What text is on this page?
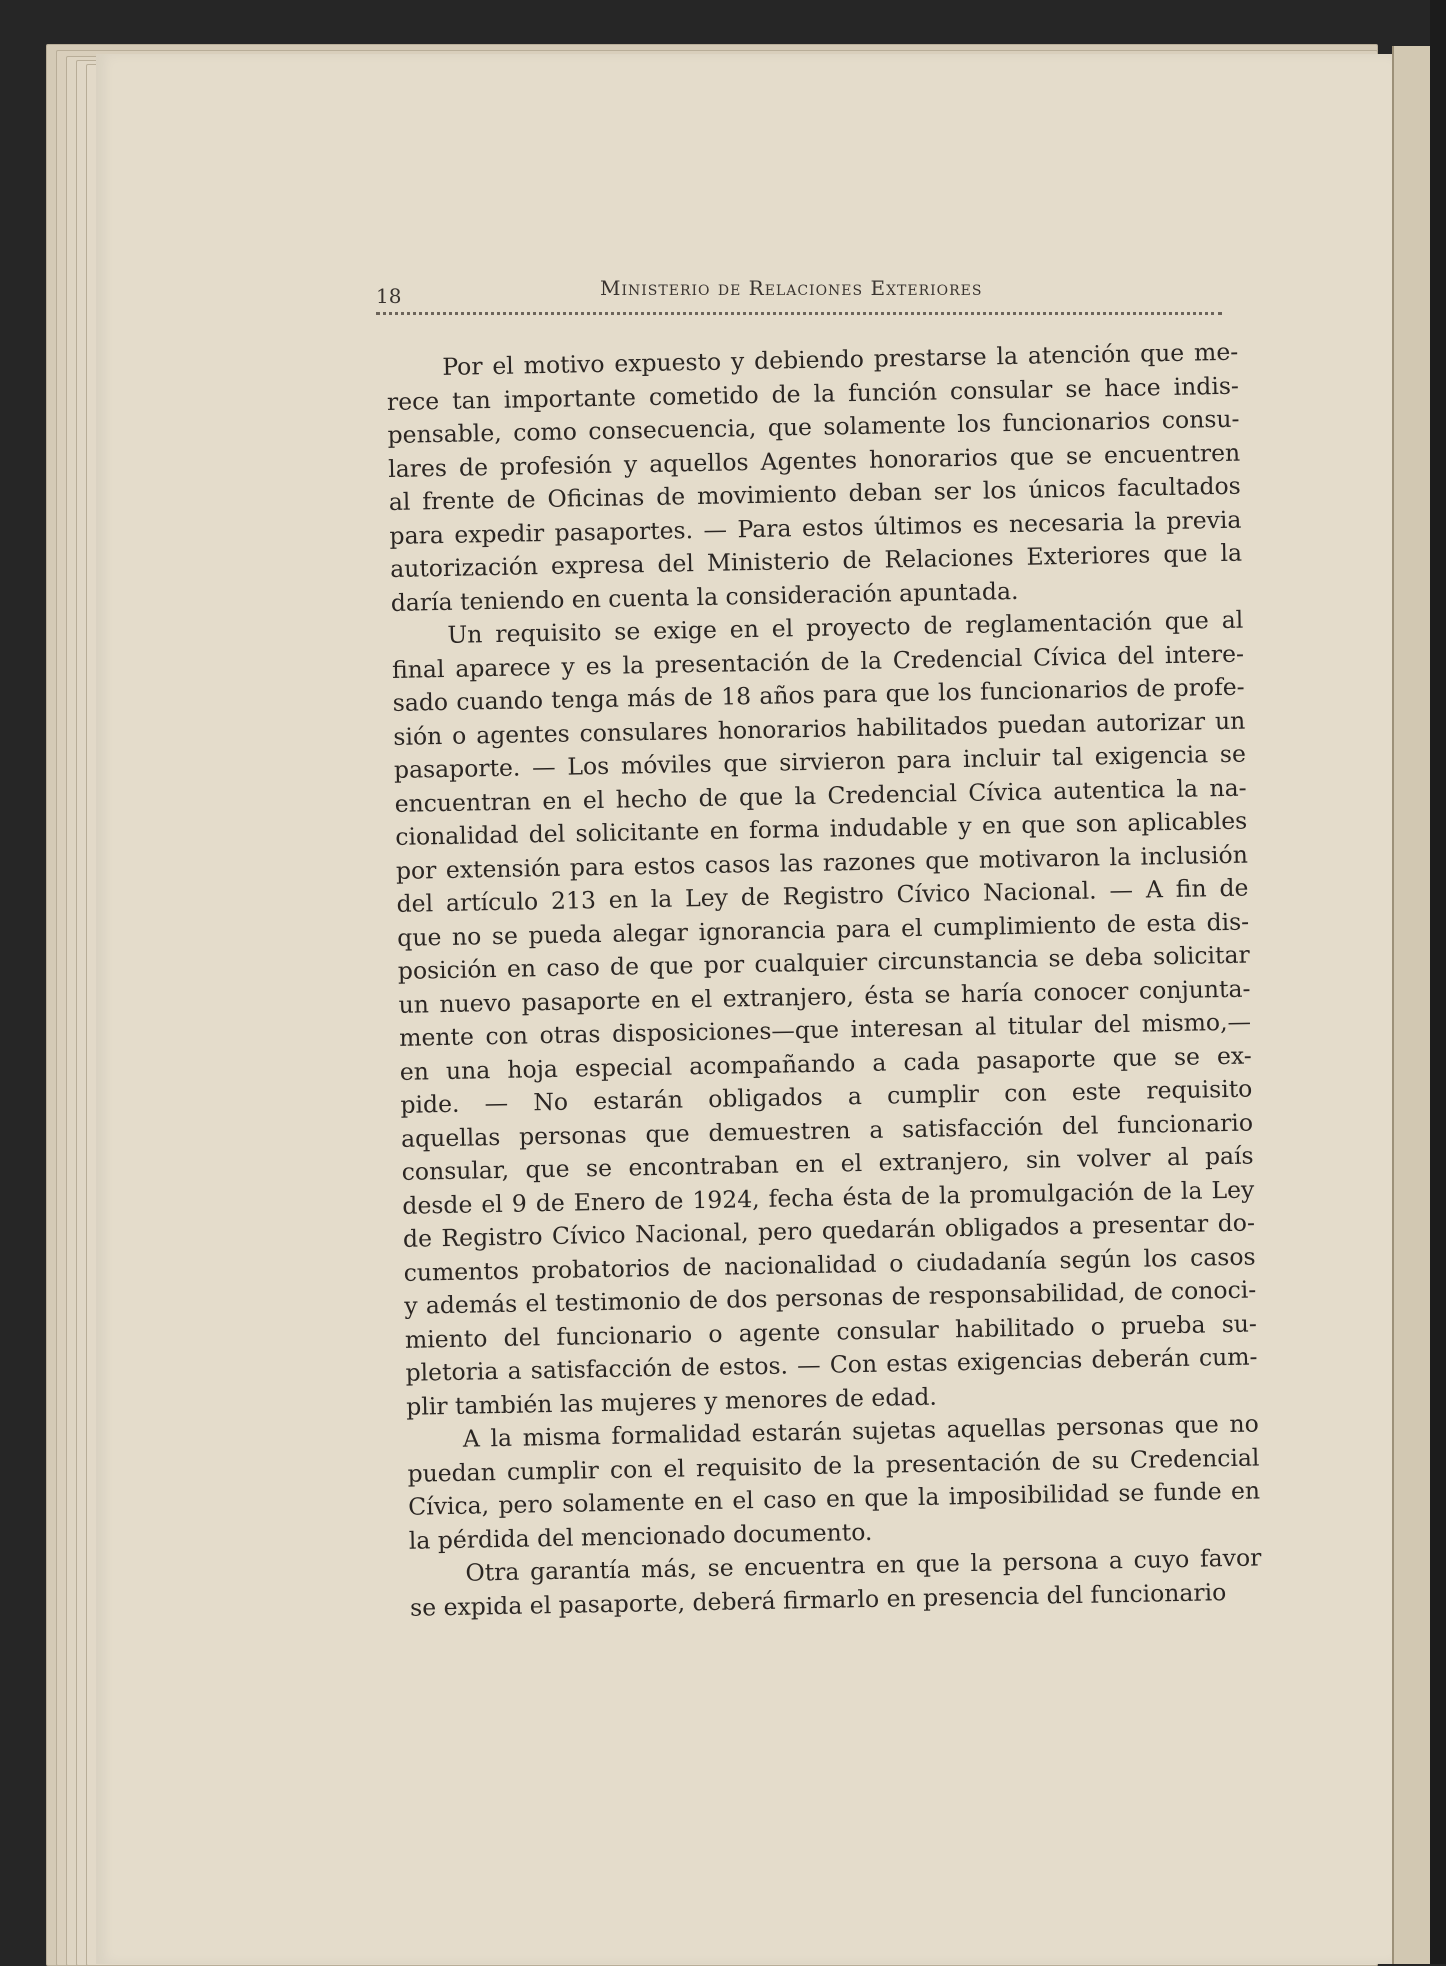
18	Ministerio de Relaciones Exteriores
Por el motivo expuesto y debiendo prestarse la atención que me-
rece tan importante cometido de la función consular se hace indis-
pensable, como consecuencia, que solamente los funcionarios consu-
lares de profesión y aquellos Agentes honorarios que se encuentren
al frente de Oficinas de movimiento deban ser los únicos facultados
para expedir pasaportes. — Para estos últimos es necesaria la previa
autorización expresa del Ministerio de Relaciones Exteriores que la
daría teniendo en cuenta la consideración apuntada.
Un requisito se exige en el proyecto de reglamentación que al
final aparece y es la presentación de la Credencial Cívica del intere-
sado cuando tenga más de 18 años para que los funcionarios de profe-
sión o agentes consulares honorarios habilitados puedan autorizar un
pasaporte. — Los móviles que sirvieron para incluir tal exigencia se
encuentran en el hecho de que la Credencial Cívica autentica la na-
cionalidad del solicitante en forma indudable y en que son aplicables
por extensión para estos casos las razones que motivaron la inclusión
del artículo 213 en la Ley de Registro Cívico Nacional. — A fin de
que no se pueda alegar ignorancia para el cumplimiento de esta dis-
posición en caso de que por cualquier circunstancia se deba solicitar
un nuevo pasaporte en el extranjero, ésta se haría conocer conjunta-
mente con otras disposiciones—que interesan al titular del mismo,—
en una hoja especial acompañando a cada pasaporte que se ex-
pide. — No estarán obligados a cumplir con este requisito
aquellas personas que demuestren a satisfacción del funcionario
consular, que se encontraban en el extranjero, sin volver al país
desde el 9 de Enero de 1924, fecha ésta de la promulgación de la Ley
de Registro Cívico Nacional, pero quedarán obligados a presentar do-
cumentos probatorios de nacionalidad o ciudadanía según los casos
y además el testimonio de dos personas de responsabilidad, de conoci-
miento del funcionario o agente consular habilitado o prueba su-
pletoria a satisfacción de estos. — Con estas exigencias deberán cum-
plir también las mujeres y menores de edad.
A la misma formalidad estarán sujetas aquellas personas que no
puedan cumplir con el requisito de la presentación de su Credencial
Cívica, pero solamente en el caso en que la imposibilidad se funde en
la pérdida del mencionado documento.
Otra garantía más, se encuentra en que la persona a cuyo favor
se expida el pasaporte, deberá firmarlo en presencia del funcionario
